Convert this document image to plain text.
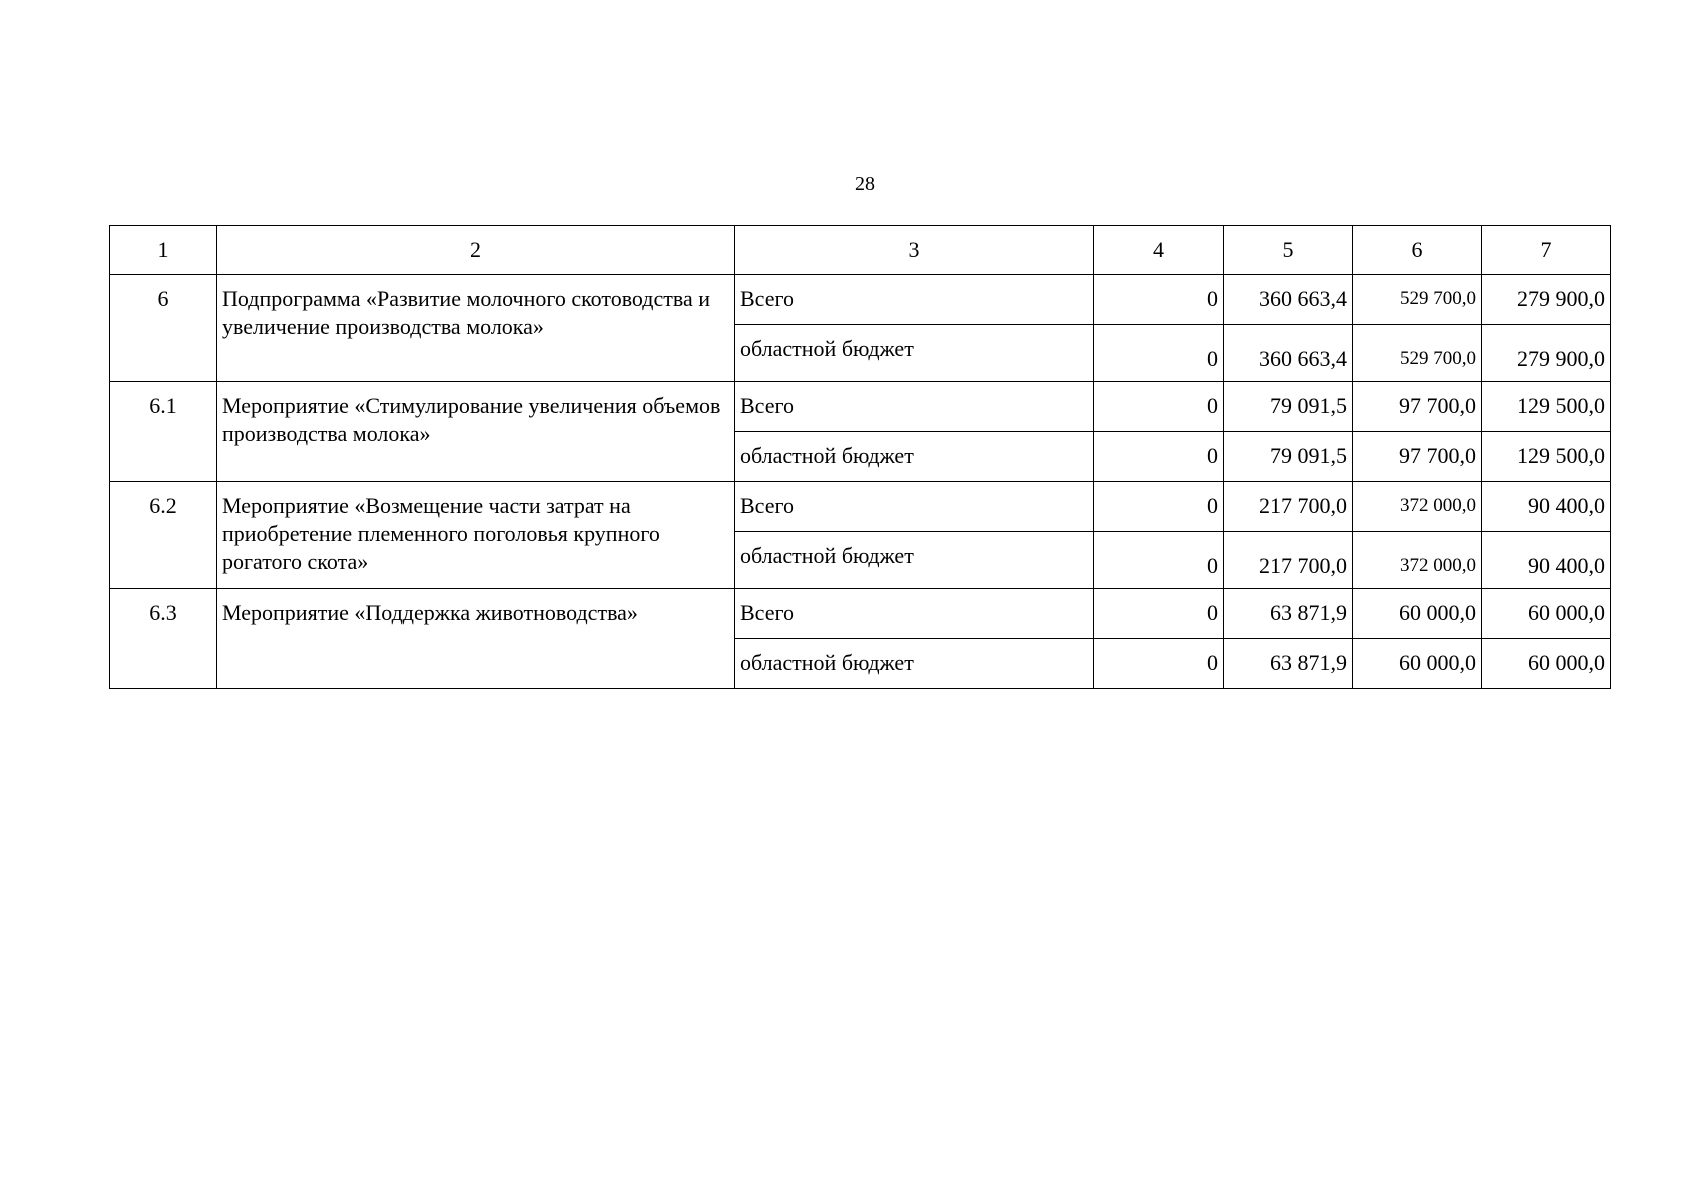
28
1	2	3	4	5	6	7
6	Подпрограмма «Развитие молочного скотоводства и увеличение производства молока»	Всего	0	360 663,4	529 700,0	279 900,0
		областной бюджет	0	360 663,4	529 700,0	279 900,0
6.1	Мероприятие «Стимулирование увеличения объемов производства молока»	Всего	0	79 091,5	97 700,0	129 500,0
		областной бюджет	0	79 091,5	97 700,0	129 500,0
6.2	Мероприятие «Возмещение части затрат на приобретение племенного поголовья крупного рогатого скота»	Всего	0	217 700,0	372 000,0	90 400,0
		областной бюджет	0	217 700,0	372 000,0	90 400,0
6.3	Мероприятие «Поддержка животноводства»	Всего	0	63 871,9	60 000,0	60 000,0
		областной бюджет	0	63 871,9	60 000,0	60 000,0
